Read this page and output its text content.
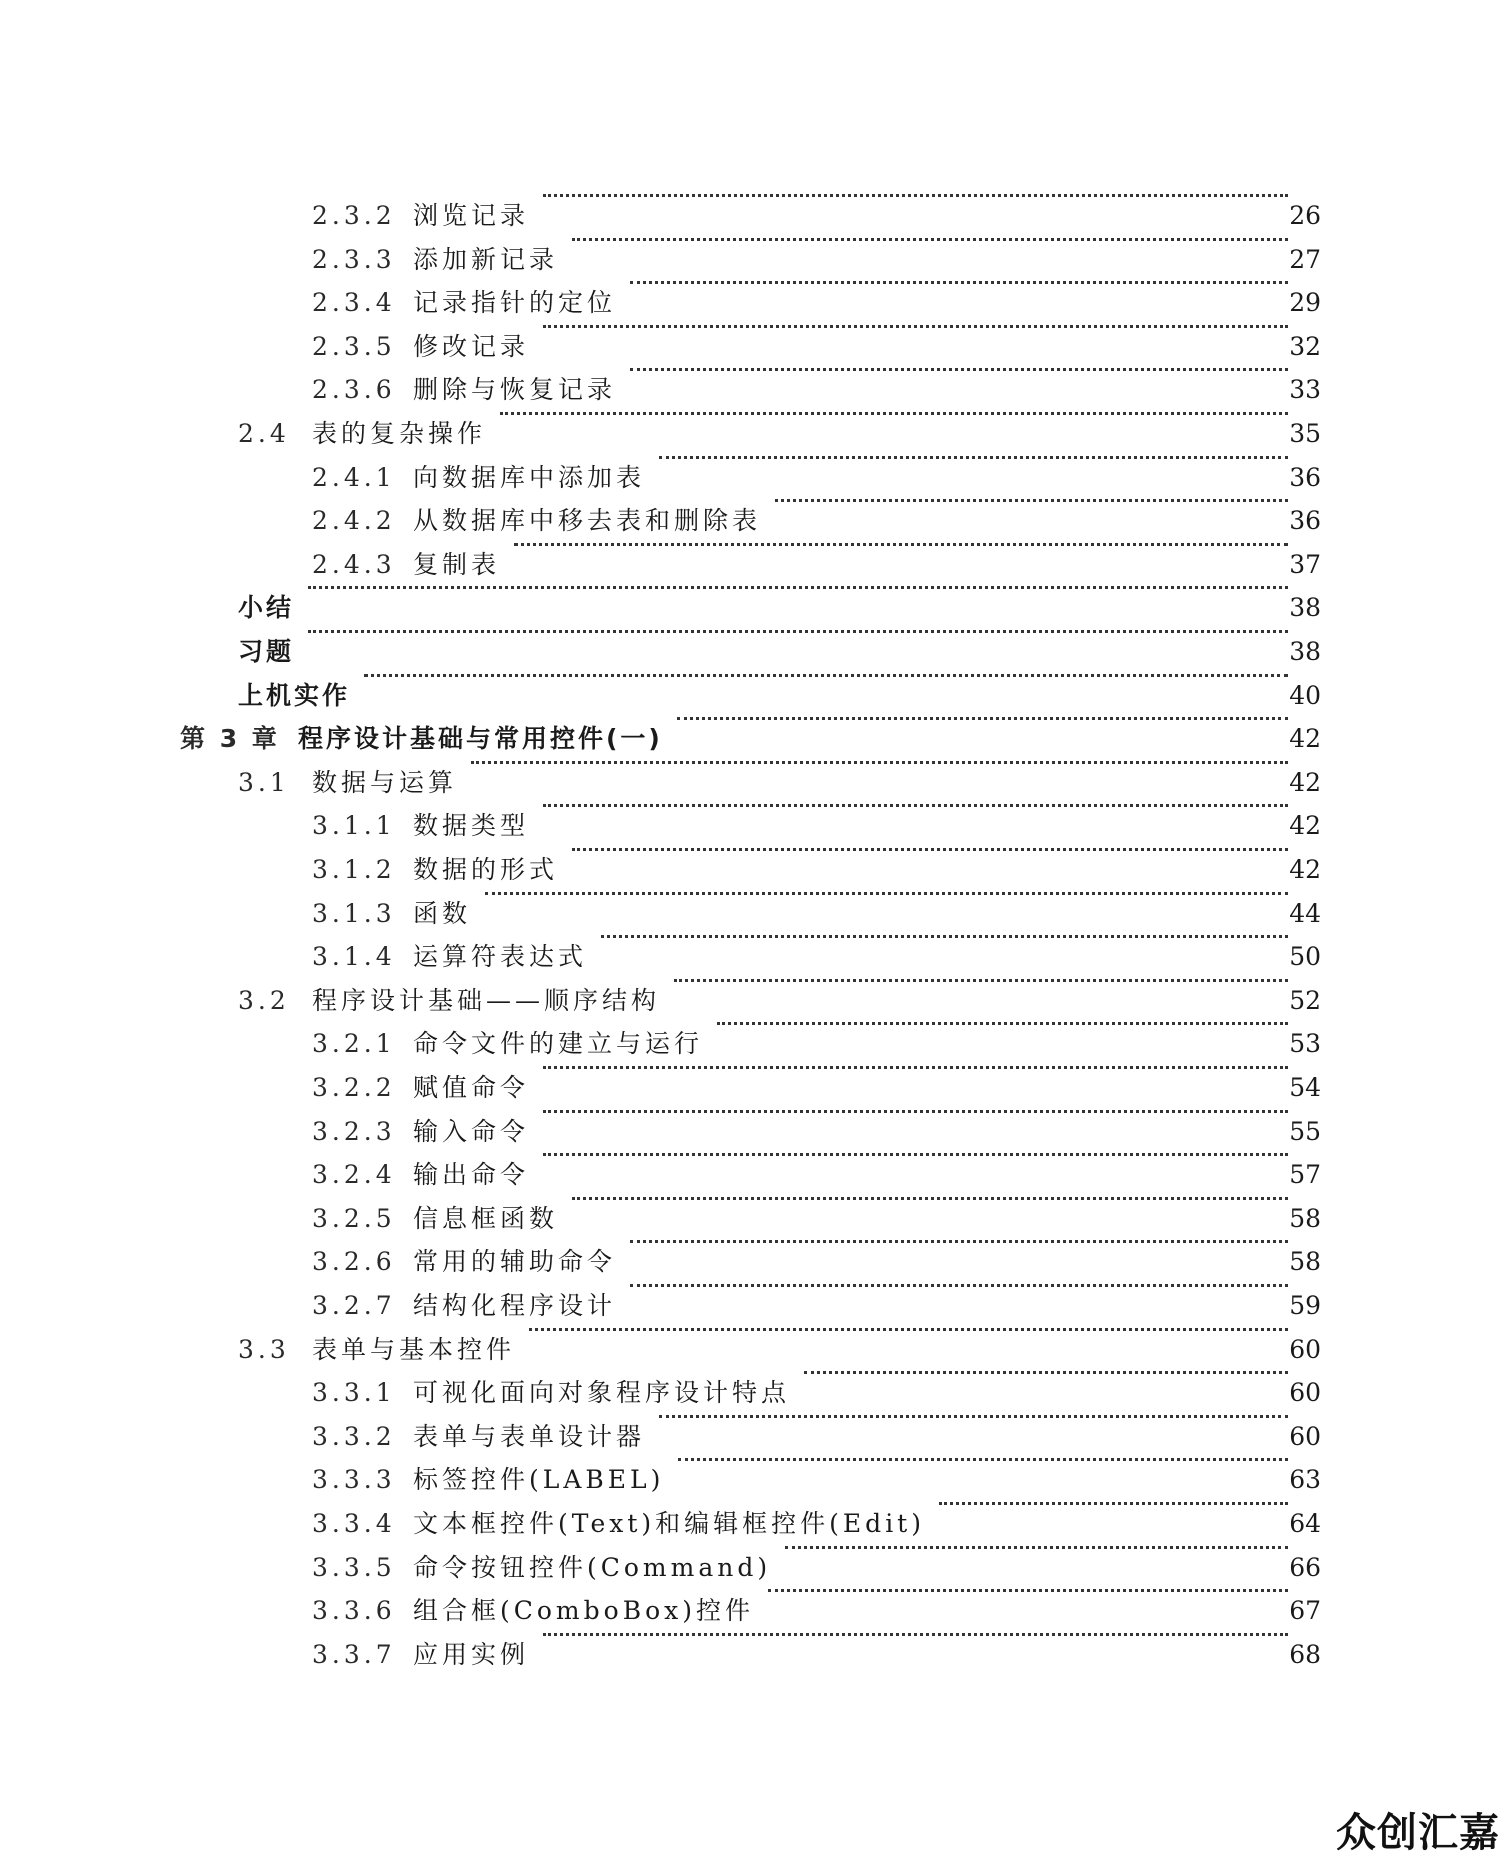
2.3.2 浏览记录	26
2.3.3 添加新记录	27
2.3.4 记录指针的定位	29
2.3.5 修改记录	32
2.3.6 删除与恢复记录	33
2.4 表的复杂操作	35
2.4.1 向数据库中添加表	36
2.4.2 从数据库中移去表和删除表	36
2.4.3 复制表	37
小结	38
习题	38
上机实作	40
第 3 章 程序设计基础与常用控件(一)	42
3.1 数据与运算	42
3.1.1 数据类型	42
3.1.2 数据的形式	42
3.1.3 函数	44
3.1.4 运算符表达式	50
3.2 程序设计基础——顺序结构	52
3.2.1 命令文件的建立与运行	53
3.2.2 赋值命令	54
3.2.3 输入命令	55
3.2.4 输出命令	57
3.2.5 信息框函数	58
3.2.6 常用的辅助命令	58
3.2.7 结构化程序设计	59
3.3 表单与基本控件	60
3.3.1 可视化面向对象程序设计特点	60
3.3.2 表单与表单设计器	60
3.3.3 标签控件(LABEL)	63
3.3.4 文本框控件(Text)和编辑框控件(Edit)	64
3.3.5 命令按钮控件(Command)	66
3.3.6 组合框(ComboBox)控件	67
3.3.7 应用实例	68
众创汇嘉
